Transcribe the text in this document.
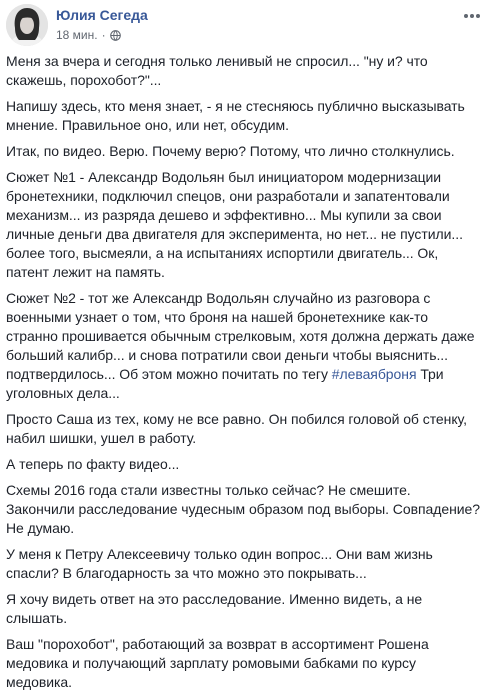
Юлия Сегеда
18 мин. ·

Меня за вчера и сегодня только ленивый не спросил... "ну и? что скажешь, порохобот?"...

Напишу здесь, кто меня знает, - я не стесняюсь публично высказывать мнение. Правильное оно, или нет, обсудим.

Итак, по видео. Верю. Почему верю? Потому, что лично столкнулись.

Сюжет №1 - Александр Водольян был инициатором модернизации бронетехники, подключил спецов, они разработали и запатентовали механизм... из разряда дешево и эффективно... Мы купили за свои личные деньги два двигателя для эксперимента, но нет... не пустили... более того, высмеяли, а на испытаниях испортили двигатель... Ок, патент лежит на память.

Сюжет №2 - тот же Александр Водольян случайно из разговора с военными узнает о том, что броня на нашей бронетехнике как-то странно прошивается обычным стрелковым, хотя должна держать даже больший калибр... и снова потратили свои деньги чтобы выяснить... подтвердилось... Об этом можно почитать по тегу #леваяброня Три уголовных дела...

Просто Саша из тех, кому не все равно. Он побился головой об стенку, набил шишки, ушел в работу.

А теперь по факту видео...

Схемы 2016 года стали известны только сейчас? Не смешите. Закончили расследование чудесным образом под выборы. Совпадение? Не думаю.

У меня к Петру Алексеевичу только один вопрос... Они вам жизнь спасли? В благодарность за что можно это покрывать...

Я хочу видеть ответ на это расследование. Именно видеть, а не слышать.

Ваш "порохобот", работающий за возврат в ассортимент Рошена медовика и получающий зарплату ромовыми бабками по курсу медовика.
